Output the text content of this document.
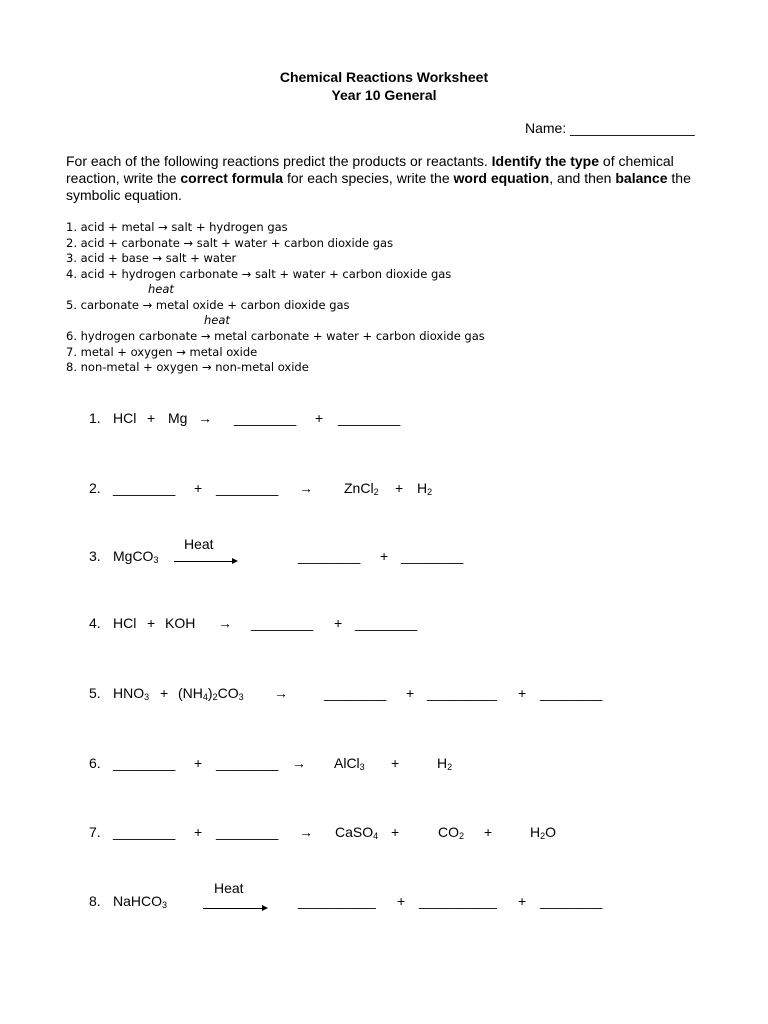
Chemical Reactions Worksheet
Year 10 General
Name: ________________
For each of the following reactions predict the products or reactants. Identify the type of chemical reaction, write the correct formula for each species, write the word equation, and then balance the symbolic equation.
1. acid + metal → salt + hydrogen gas
2. acid + carbonate → salt + water + carbon dioxide gas
3. acid + base → salt + water
4. acid + hydrogen carbonate → salt + water + carbon dioxide gas
heat
5. carbonate → metal oxide + carbon dioxide gas
heat
6. hydrogen carbonate → metal carbonate + water + carbon dioxide gas
7. metal + oxygen → metal oxide
8. non-metal + oxygen → non-metal oxide
1. HCl + Mg → ________ + ________
2. ________ + ________ → ZnCl$_2$ + $H_2$
Heat
3. MgCO$_3$	________ + ________
4. HCl + KOH → ________ + ________
5. $HNO_3 + (NH_4)_2CO_3$ →	________ + _________ + ________
6. ________ + ________ → AlCl$_3$ +	$H_2$
7. ________ + ________ → CaSO$_4$ +	$CO_2$ +	$H_2O$
Heat
8. NaHCO$_3$	__________ + __________ + ________
